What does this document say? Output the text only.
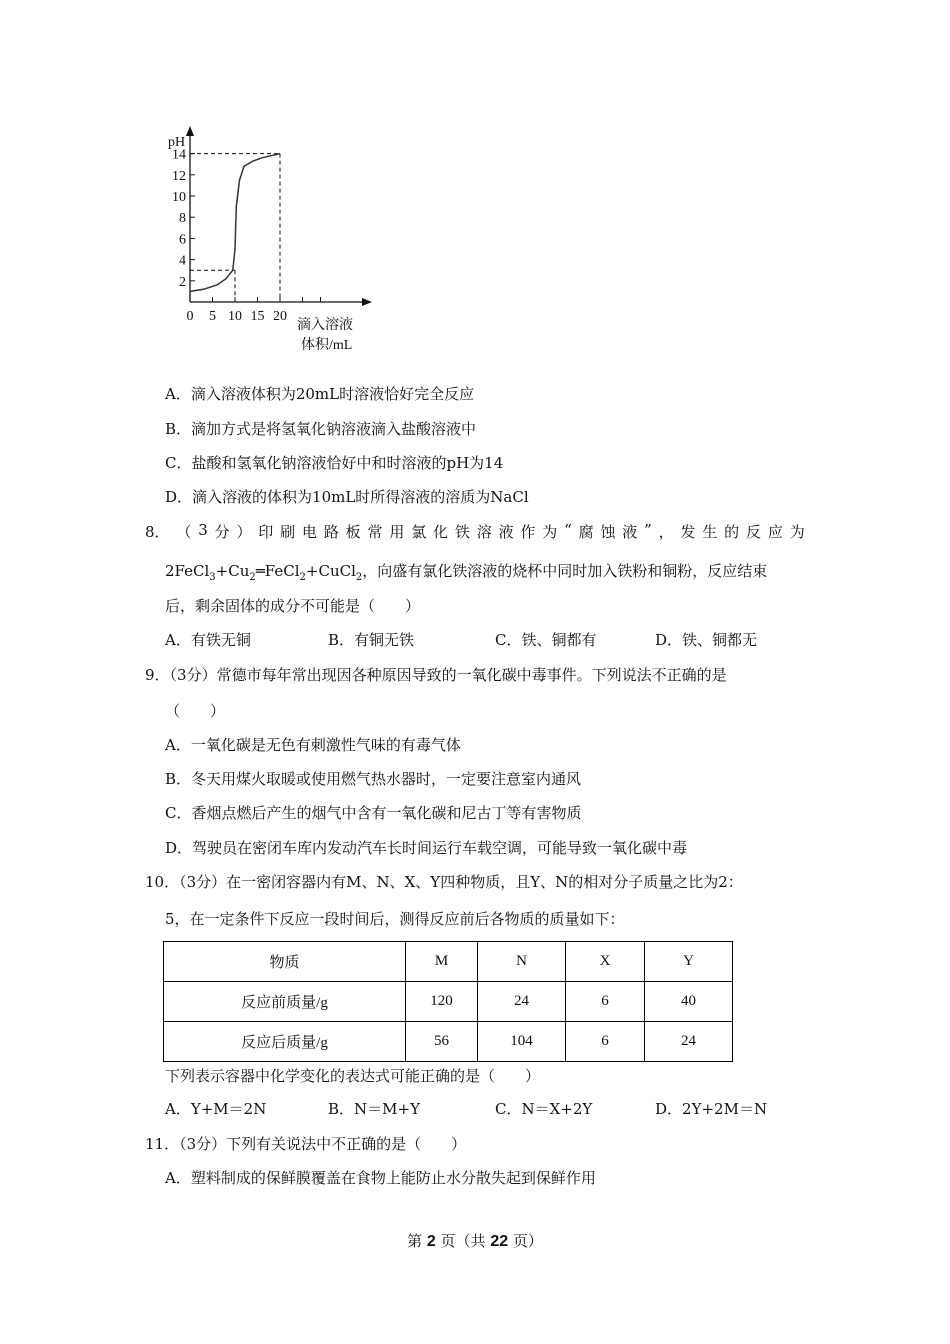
2
4
6
8
10
12
14
0 5 10 15 20
pH
滴入溶液
体积/mL
A．滴入溶液体积为20mL时溶液恰好完全反应
B．滴加方式是将氢氧化钠溶液滴入盐酸溶液中
C．盐酸和氢氧化钠溶液恰好中和时溶液的pH为14
D．滴入溶液的体积为10mL时所得溶液的溶质为NaCl
8． （ 3 分 ） 印 刷 电 路 板 常 用 氯 化 铁 溶 液 作 为 “ 腐 蚀 液 ” ， 发 生 的 反 应 为
$2FeCl_3+Cu_2═FeCl_2+CuCl_2$，向盛有氯化铁溶液的烧杯中同时加入铁粉和铜粉，反应结束
后，剩余固体的成分不可能是（　　）
A．有铁无铜	B．有铜无铁	C．铁、铜都有	D．铁、铜都无
9．（3分）常德市每年常出现因各种原因导致的一氧化碳中毒事件。下列说法不正确的是
（　　）
A．一氧化碳是无色有刺激性气味的有毒气体
B．冬天用煤火取暖或使用燃气热水器时，一定要注意室内通风
C．香烟点燃后产生的烟气中含有一氧化碳和尼古丁等有害物质
D．驾驶员在密闭车库内发动汽车长时间运行车载空调，可能导致一氧化碳中毒
10．（3分）在一密闭容器内有M、N、X、Y四种物质，且Y、N的相对分子质量之比为2：
5，在一定条件下反应一段时间后，测得反应前后各物质的质量如下：
物质	M	N	X	Y
反应前质量/g	120	24	6	40
反应后质量/g	56	104	6	24
下列表示容器中化学变化的表达式可能正确的是（　　）
A．Y+M＝2N	B．N＝M+Y	C．N＝X+2Y	D．2Y+2M＝N
11．（3分）下列有关说法中不正确的是（　　）
A．塑料制成的保鲜膜覆盖在食物上能防止水分散失起到保鲜作用
第 2 页（共 22 页）
